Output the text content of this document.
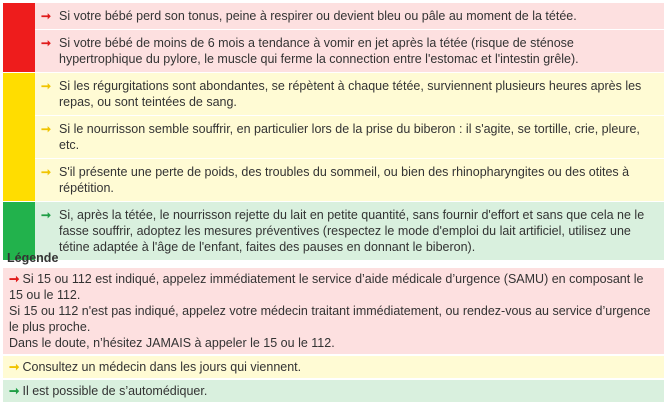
➞ Si votre bébé perd son tonus, peine à respirer ou devient bleu ou pâle au moment de la tétée.
➞ Si votre bébé de moins de 6 mois a tendance à vomir en jet après la tétée (risque de sténose hypertrophique du pylore, le muscle qui ferme la connection entre l'estomac et l'intestin grêle).
➞ Si les régurgitations sont abondantes, se répètent à chaque tétée, surviennent plusieurs heures après les repas, ou sont teintées de sang.
➞ Si le nourrisson semble souffrir, en particulier lors de la prise du biberon : il s'agite, se tortille, crie, pleure, etc.
➞ S'il présente une perte de poids, des troubles du sommeil, ou bien des rhinopharyngites ou des otites à répétition.
➞ Si, après la tétée, le nourrisson rejette du lait en petite quantité, sans fournir d'effort et sans que cela ne le fasse souffrir, adoptez les mesures préventives (respectez le mode d'emploi du lait artificiel, utilisez une tétine adaptée à l'âge de l'enfant, faites des pauses en donnant le biberon).
Légende
➞ Si 15 ou 112 est indiqué, appelez immédiatement le service d’aide médicale d’urgence (SAMU) en composant le 15 ou le 112.
Si 15 ou 112 n'est pas indiqué, appelez votre médecin traitant immédiatement, ou rendez-vous au service d’urgence le plus proche.
Dans le doute, n’hésitez JAMAIS à appeler le 15 ou le 112.
➞ Consultez un médecin dans les jours qui viennent.
➞ Il est possible de s’automédiquer.
